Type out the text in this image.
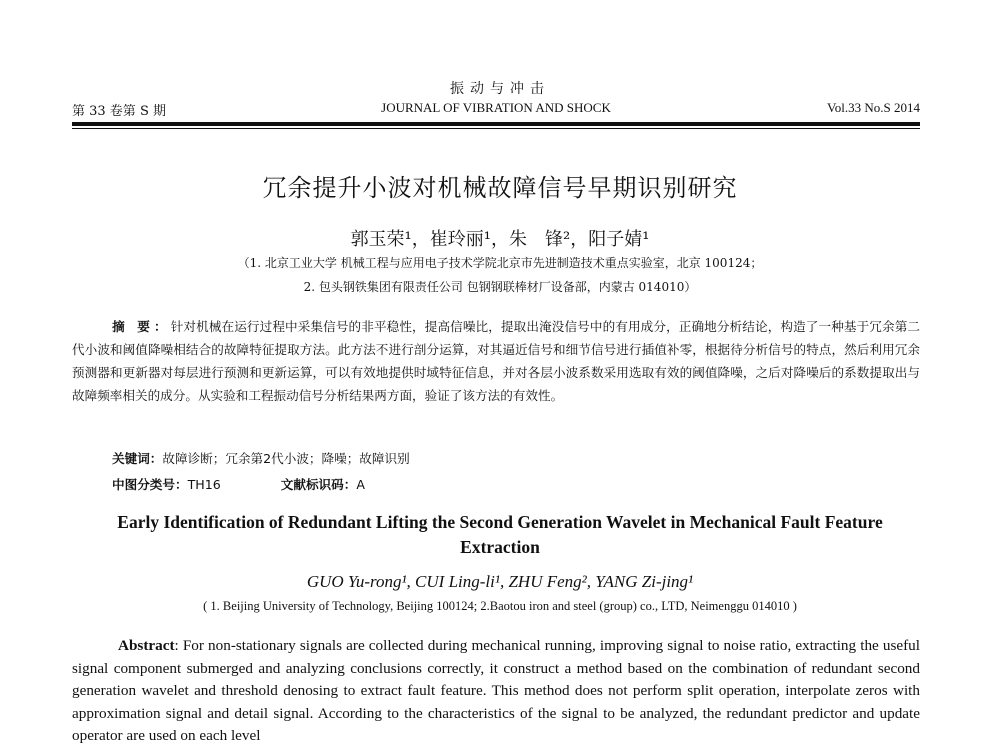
振动与冲击
JOURNAL OF VIBRATION AND SHOCK
第 33 卷第 S 期	Vol.33 No.S 2014
冗余提升小波对机械故障信号早期识别研究
郭玉荣¹，崔玲丽¹，朱　锋²，阳子婧¹
（1. 北京工业大学 机械工程与应用电子技术学院北京市先进制造技术重点实验室，北京 100124；
2. 包头钢铁集团有限责任公司 包钢钢联棒材厂设备部，内蒙古 014010）
摘 要：针对机械在运行过程中采集信号的非平稳性，提高信噪比，提取出淹没信号中的有用成分，正确地分析结论，构造了一种基于冗余第二代小波和阈值降噪相结合的故障特征提取方法。此方法不进行剖分运算，对其逼近信号和细节信号进行插值补零，根据待分析信号的特点，然后利用冗余预测器和更新器对每层进行预测和更新运算，可以有效地提供时域特征信息，并对各层小波系数采用选取有效的阈值降噪，之后对降噪后的系数提取出与故障频率相关的成分。从实验和工程振动信号分析结果两方面，验证了该方法的有效性。
关键词：故障诊断；冗余第2代小波；降噪；故障识别
中图分类号：TH16	文献标识码：A
Early Identification of Redundant Lifting the Second Generation Wavelet in Mechanical Fault Feature Extraction
GUO Yu-rong¹, CUI Ling-li¹, ZHU Feng², YANG Zi-jing¹
( 1. Beijing University of Technology, Beijing 100124; 2.Baotou iron and steel (group) co., LTD, Neimenggu 014010 )
Abstract: For non-stationary signals are collected during mechanical running, improving signal to noise ratio, extracting the useful signal component submerged and analyzing conclusions correctly, it construct a method based on the combination of redundant second generation wavelet and threshold denosing to extract fault feature. This method does not perform split operation, interpolate zeros with approximation signal and detail signal. According to the characteristics of the signal to be analyzed, the redundant predictor and update operator are used on each level
